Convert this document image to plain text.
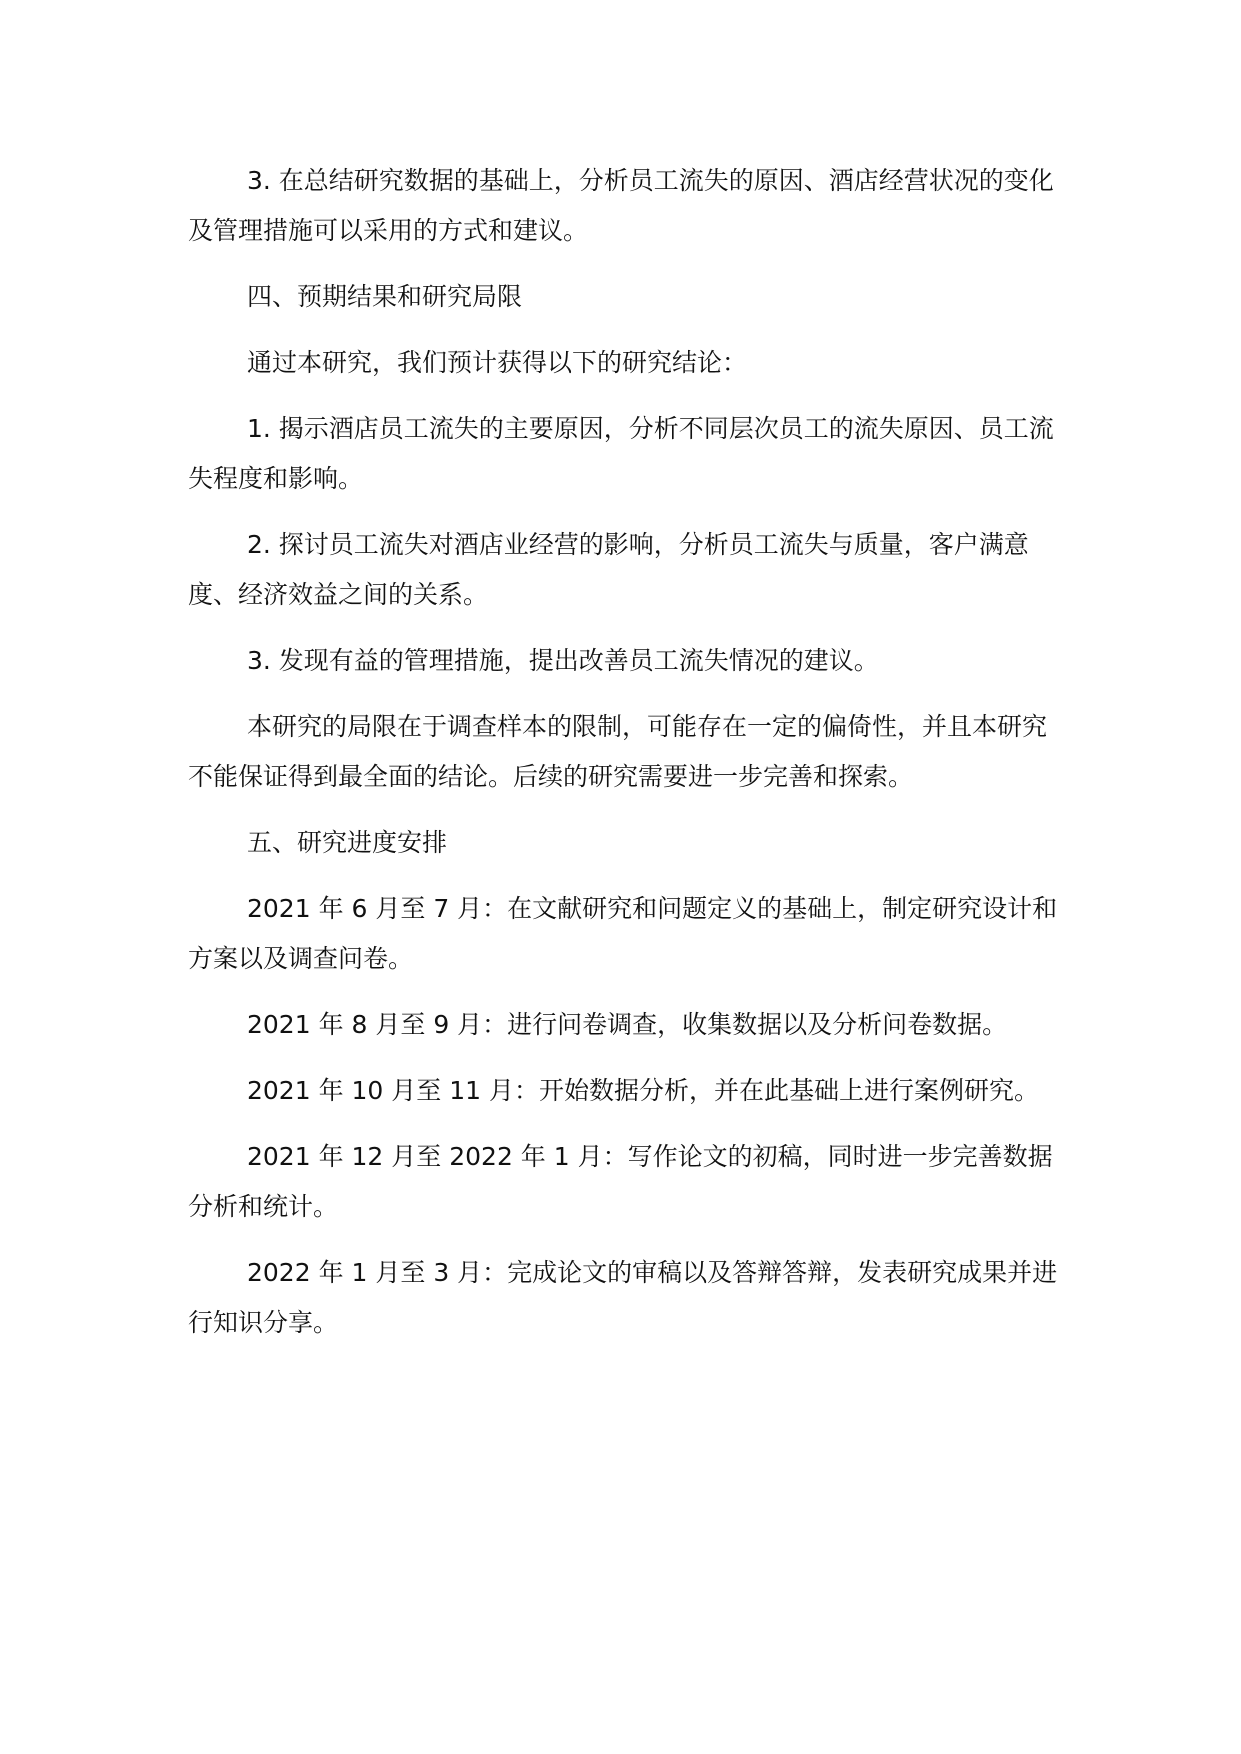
3. 在总结研究数据的基础上，分析员工流失的原因、酒店经营状况的变化及管理措施可以采用的方式和建议。

四、预期结果和研究局限

通过本研究，我们预计获得以下的研究结论：

1. 揭示酒店员工流失的主要原因，分析不同层次员工的流失原因、员工流失程度和影响。

2. 探讨员工流失对酒店业经营的影响，分析员工流失与质量，客户满意度、经济效益之间的关系。

3. 发现有益的管理措施，提出改善员工流失情况的建议。

本研究的局限在于调查样本的限制，可能存在一定的偏倚性，并且本研究不能保证得到最全面的结论。后续的研究需要进一步完善和探索。

五、研究进度安排

2021 年 6 月至 7 月：在文献研究和问题定义的基础上，制定研究设计和方案以及调查问卷。

2021 年 8 月至 9 月：进行问卷调查，收集数据以及分析问卷数据。

2021 年 10 月至 11 月：开始数据分析，并在此基础上进行案例研究。

2021 年 12 月至 2022 年 1 月：写作论文的初稿，同时进一步完善数据分析和统计。

2022 年 1 月至 3 月：完成论文的审稿以及答辩答辩，发表研究成果并进行知识分享。
